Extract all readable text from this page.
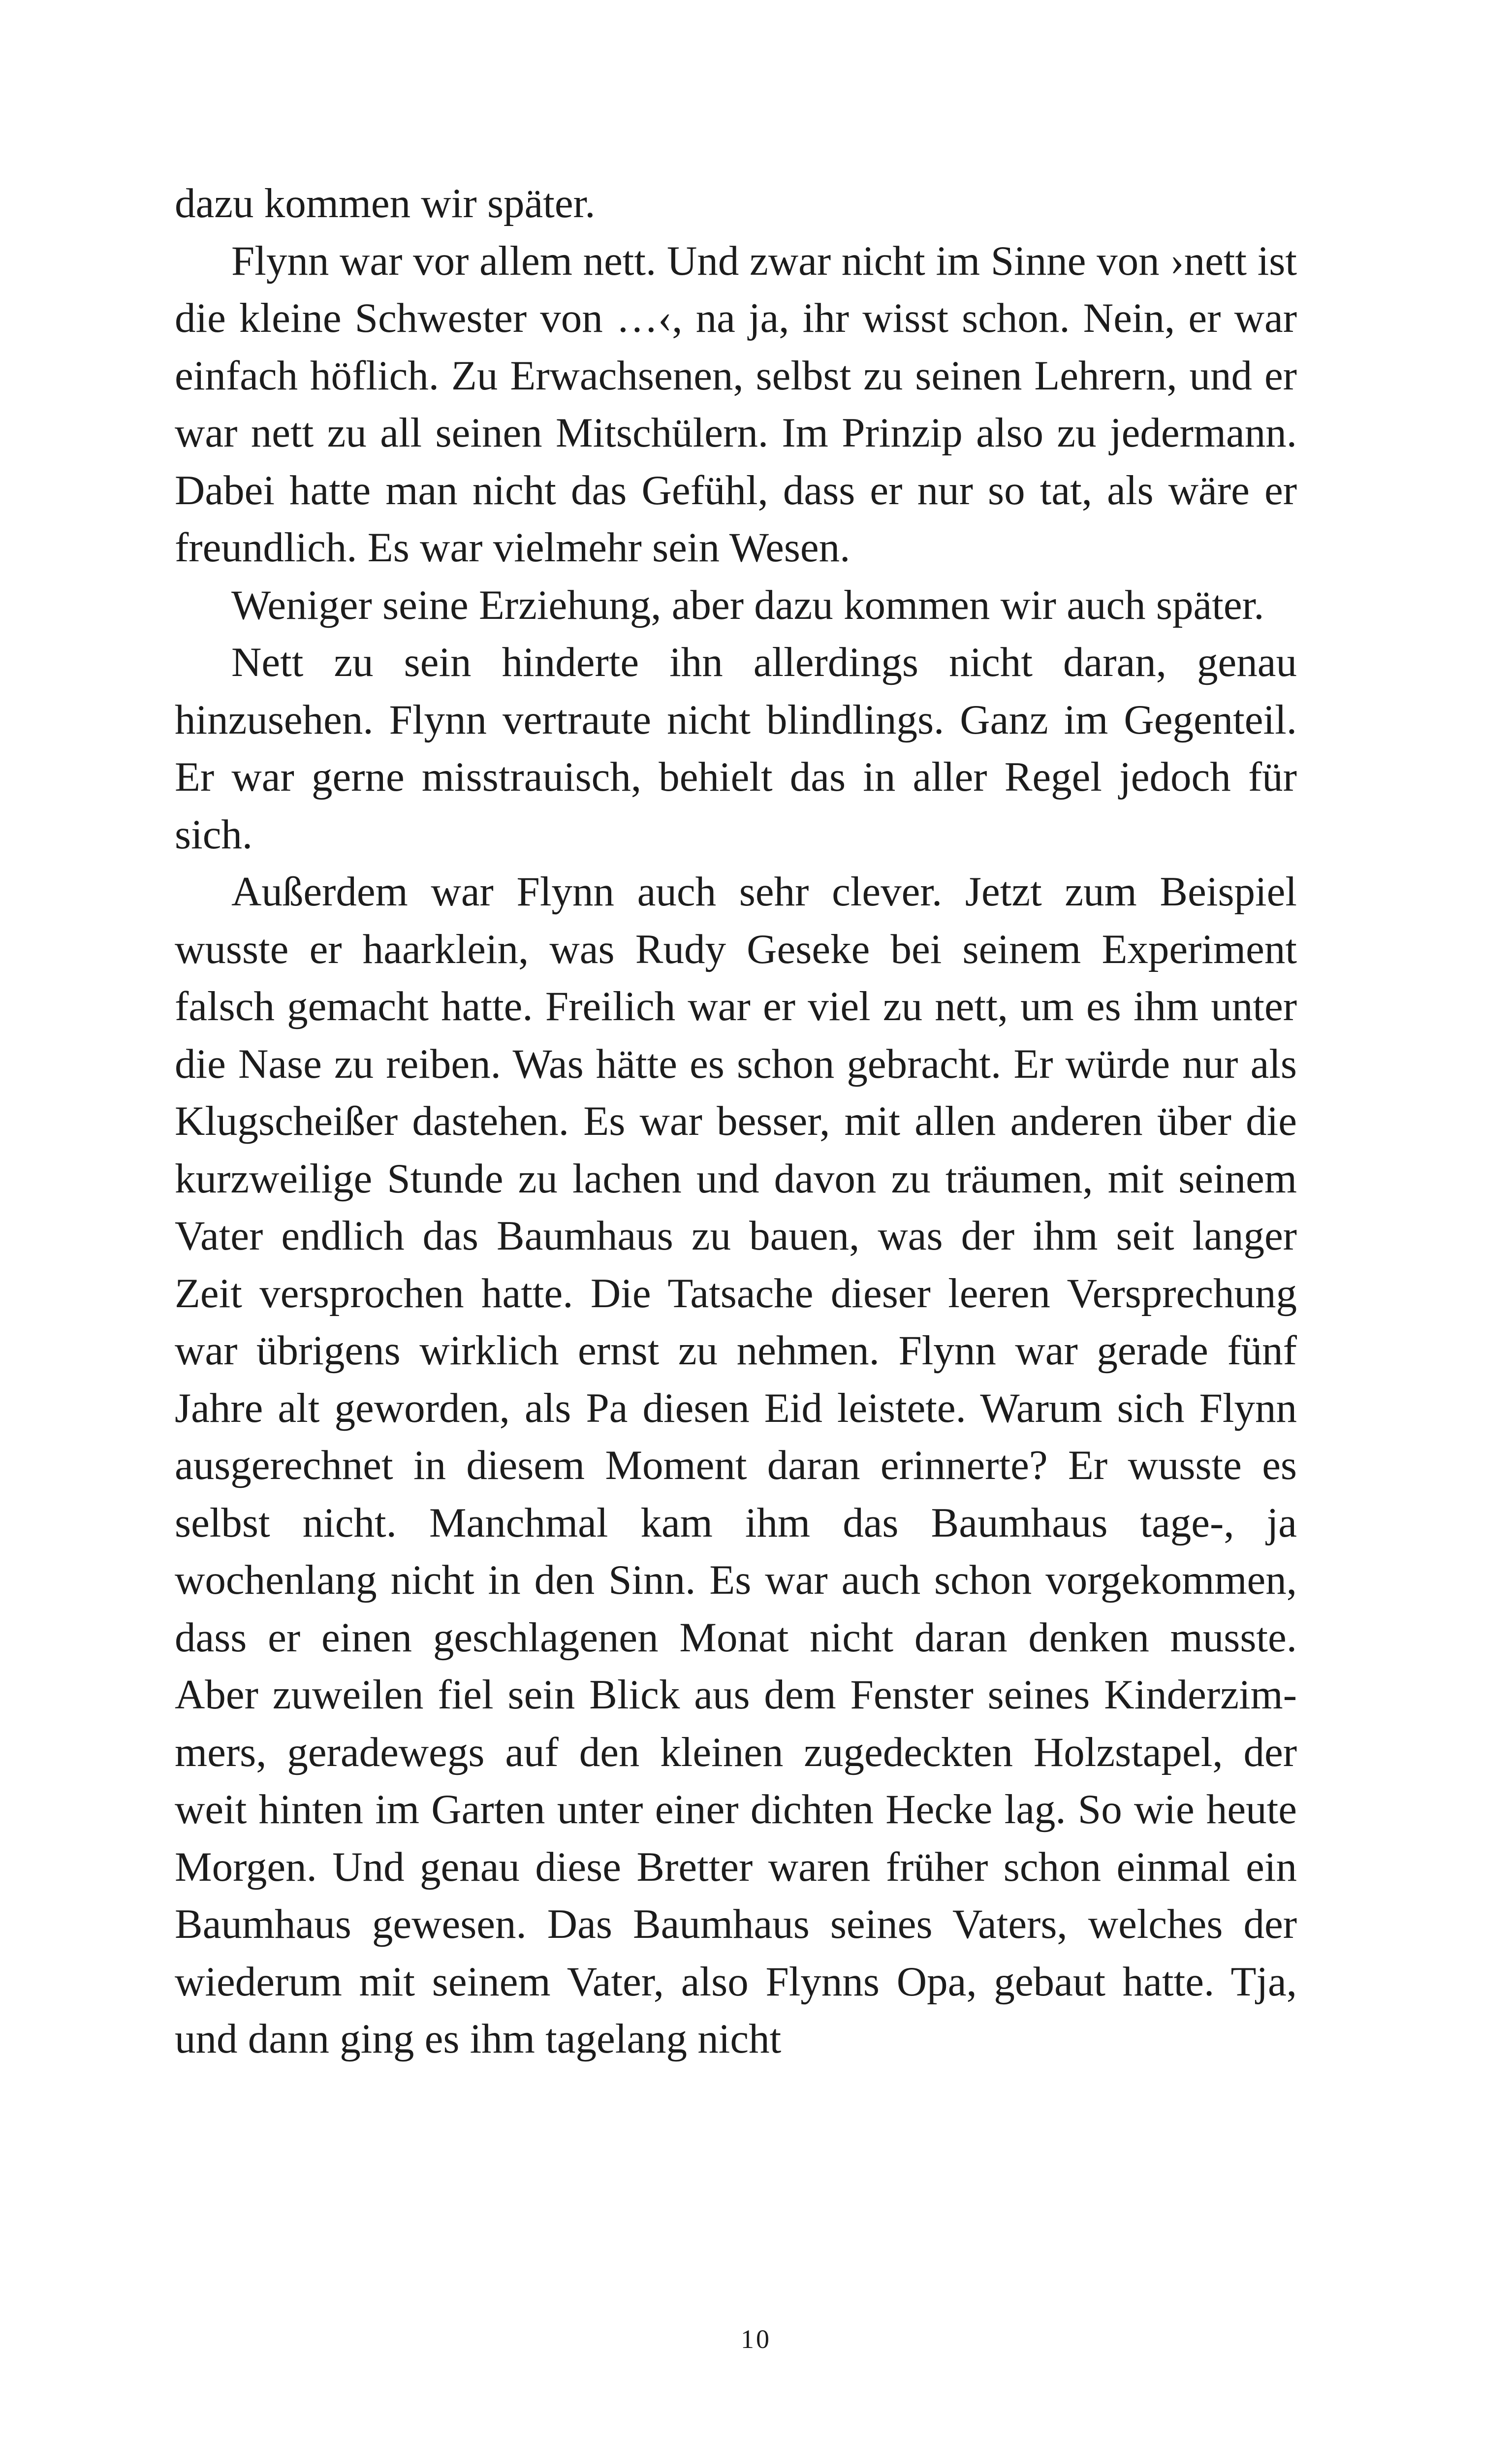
dazu kommen wir später.

Flynn war vor allem nett. Und zwar nicht im Sinne von ›nett ist die kleine Schwester von …‹, na ja, ihr wisst schon. Nein, er war einfach höflich. Zu Erwachsenen, selbst zu seinen Lehrern, und er war nett zu all seinen Mitschülern. Im Prinzip also zu jedermann. Dabei hatte man nicht das Gefühl, dass er nur so tat, als wäre er freundlich. Es war vielmehr sein Wesen.

Weniger seine Erziehung, aber dazu kommen wir auch später.

Nett zu sein hinderte ihn allerdings nicht daran, genau hinzusehen. Flynn vertraute nicht blindlings. Ganz im Gegenteil. Er war gerne misstrauisch, behielt das in aller Regel jedoch für sich.

Außerdem war Flynn auch sehr clever. Jetzt zum Beispiel wusste er haarklein, was Rudy Geseke bei seinem Experiment falsch gemacht hatte. Freilich war er viel zu nett, um es ihm unter die Nase zu reiben. Was hätte es schon gebracht. Er würde nur als Klugscheißer dastehen. Es war besser, mit allen anderen über die kurzweilige Stunde zu lachen und davon zu träumen, mit seinem Vater endlich das Baumhaus zu bauen, was der ihm seit langer Zeit versprochen hatte. Die Tatsache dieser leeren Versprechung war übrigens wirklich ernst zu nehmen. Flynn war gerade fünf Jahre alt geworden, als Pa diesen Eid leistete. Warum sich Flynn ausgerechnet in diesem Moment daran erinnerte? Er wusste es selbst nicht. Manchmal kam ihm das Baumhaus tage-, ja wochenlang nicht in den Sinn. Es war auch schon vorgekommen, dass er einen geschlagenen Monat nicht daran denken musste. Aber zuweilen fiel sein Blick aus dem Fenster seines Kinderzimmers, geradewegs auf den kleinen zugedeckten Holzstapel, der weit hinten im Garten unter einer dichten Hecke lag. So wie heute Morgen. Und genau diese Bretter waren früher schon einmal ein Baumhaus gewesen. Das Baumhaus seines Vaters, welches der wiederum mit seinem Vater, also Flynns Opa, gebaut hatte. Tja, und dann ging es ihm tagelang nicht

10
